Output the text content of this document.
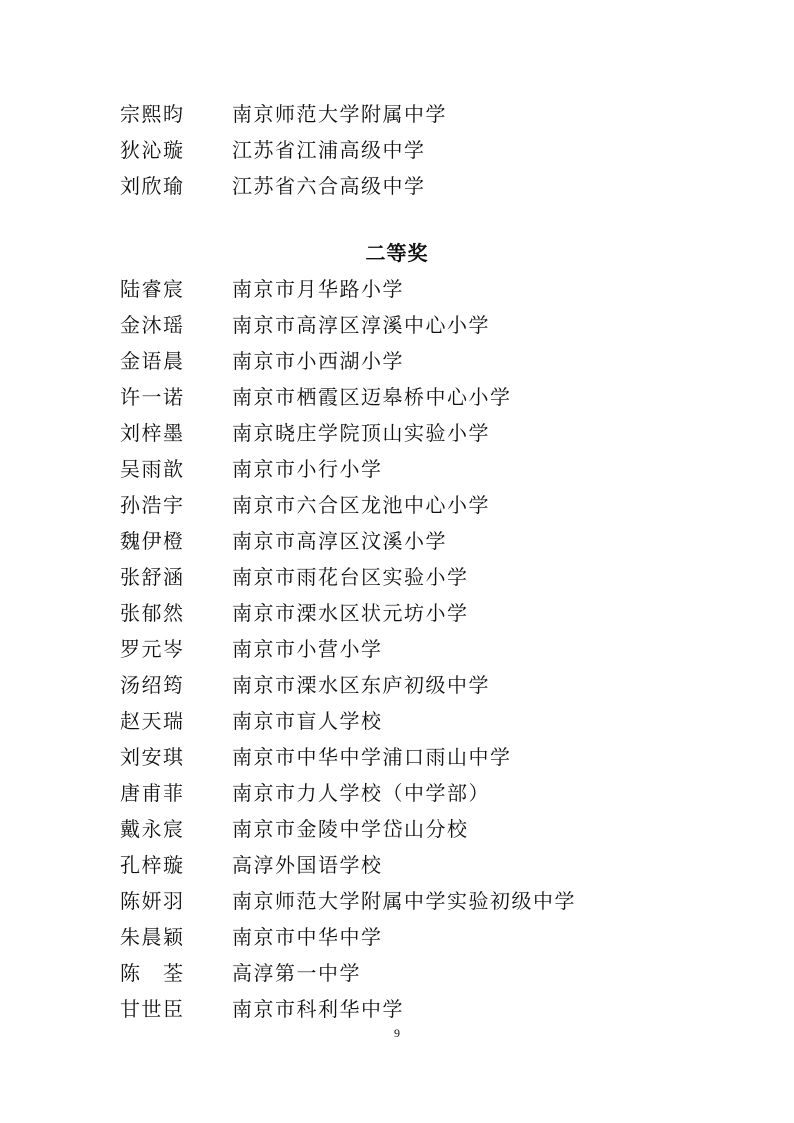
宗熙昀 南京师范大学附属中学
狄沁璇 江苏省江浦高级中学
刘欣瑜 江苏省六合高级中学
二等奖
陆睿宸 南京市月华路小学
金沐瑶 南京市高淳区淳溪中心小学
金语晨 南京市小西湖小学
许一诺 南京市栖霞区迈皋桥中心小学
刘梓墨 南京晓庄学院顶山实验小学
吴雨歆 南京市小行小学
孙浩宇 南京市六合区龙池中心小学
魏伊橙 南京市高淳区汶溪小学
张舒涵 南京市雨花台区实验小学
张郁然 南京市溧水区状元坊小学
罗元岑 南京市小营小学
汤绍筠 南京市溧水区东庐初级中学
赵天瑞 南京市盲人学校
刘安琪 南京市中华中学浦口雨山中学
唐甫菲 南京市力人学校（中学部）
戴永宸 南京市金陵中学岱山分校
孔梓璇 高淳外国语学校
陈妍羽 南京师范大学附属中学实验初级中学
朱晨颖 南京市中华中学
陈　荃 高淳第一中学
甘世臣 南京市科利华中学
9
